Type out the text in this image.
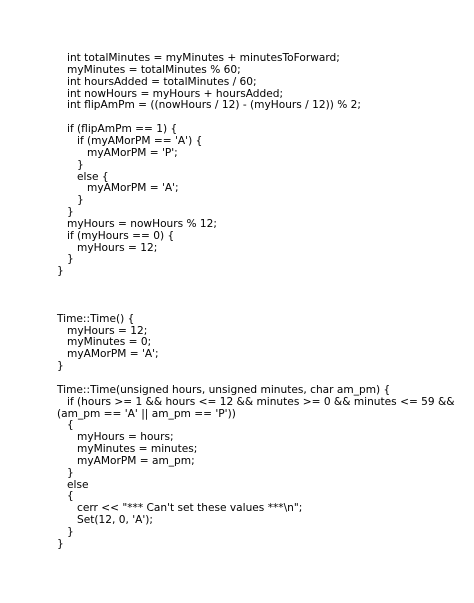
int totalMinutes = myMinutes + minutesToForward;
myMinutes = totalMinutes % 60;
int hoursAdded = totalMinutes / 60;
int nowHours = myHours + hoursAdded;
int flipAmPm = ((nowHours / 12) - (myHours / 12)) % 2;
if (flipAmPm == 1) {
if (myAMorPM == 'A') {
myAMorPM = 'P';
}
else {
myAMorPM = 'A';
}
}
myHours = nowHours % 12;
if (myHours == 0) {
myHours = 12;
}
}
Time::Time() {
myHours = 12;
myMinutes = 0;
myAMorPM = 'A';
}
Time::Time(unsigned hours, unsigned minutes, char am_pm) {
if (hours >= 1 && hours <= 12 && minutes >= 0 && minutes <= 59 &&
(am_pm == 'A' || am_pm == 'P'))
{
myHours = hours;
myMinutes = minutes;
myAMorPM = am_pm;
}
else
{
cerr << "*** Can't set these values ***\n";
Set(12, 0, 'A');
}
}
